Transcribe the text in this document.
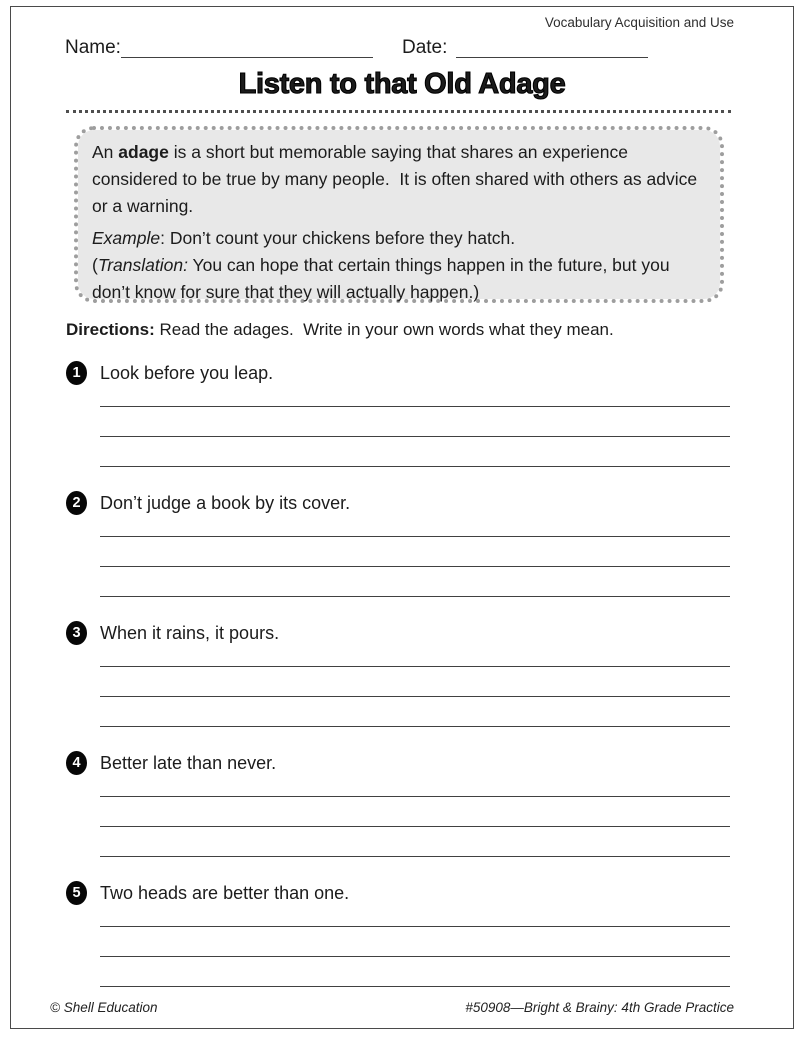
Vocabulary Acquisition and Use
Name:	Date:
Listen to that Old Adage

An adage is a short but memorable saying that shares an experience considered to be true by many people.  It is often shared with others as advice or a warning.

Example: Don’t count your chickens before they hatch.
(Translation: You can hope that certain things happen in the future, but you don’t know for sure that they will actually happen.)

Directions: Read the adages.  Write in your own words what they mean.
1	Look before you leap.
2	Don’t judge a book by its cover.
3	When it rains, it pours.
4	Better late than never.
5	Two heads are better than one.
© Shell Education	#50908—Bright & Brainy: 4th Grade Practice
